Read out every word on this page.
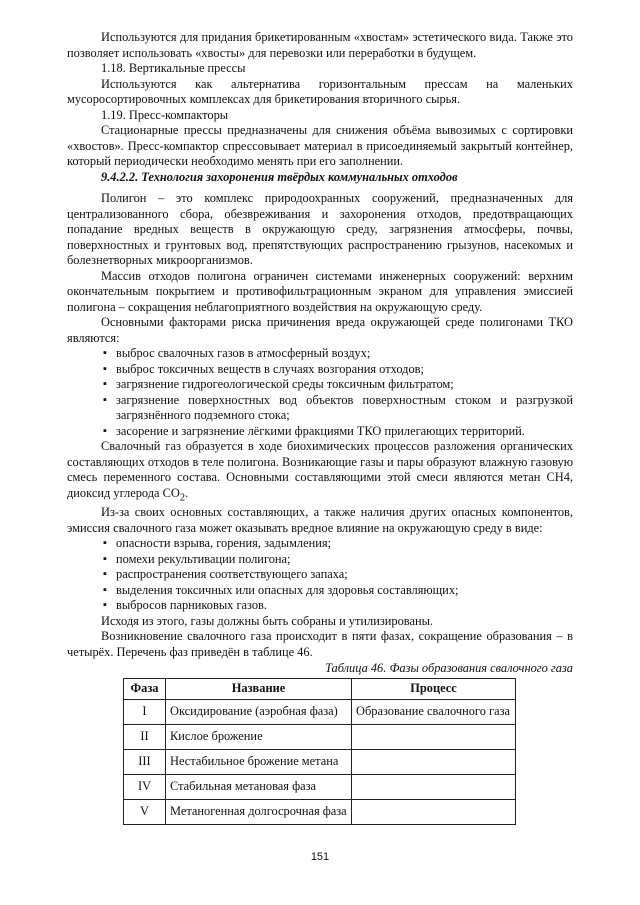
Используются для придания брикетированным «хвостам» эстетического вида. Также это позволяет использовать «хвосты» для перевозки или переработки в будущем.

1.18. Вертикальные прессы

Используются как альтернатива горизонтальным прессам на маленьких мусоросортировочных комплексах для брикетирования вторичного сырья.

1.19. Пресс-компакторы

Стационарные прессы предназначены для снижения объёма вывозимых с сортировки «хвостов». Пресс-компактор спрессовывает материал в присоединяемый закрытый контейнер, который периодически необходимо менять при его заполнении.

9.4.2.2. Технология захоронения твёрдых коммунальных отходов

Полигон – это комплекс природоохранных сооружений, предназначенных для централизованного сбора, обезвреживания и захоронения отходов, предотвращающих попадание вредных веществ в окружающую среду, загрязнения атмосферы, почвы, поверхностных и грунтовых вод, препятствующих распространению грызунов, насекомых и болезнетворных микроорганизмов.

Массив отходов полигона ограничен системами инженерных сооружений: верхним окончательным покрытием и противофильтрационным экраном для управления эмиссией полигона – сокращения неблагоприятного воздействия на окружающую среду.

Основными факторами риска причинения вреда окружающей среде полигонами ТКО являются:

▪ выброс свалочных газов в атмосферный воздух;
▪ выброс токсичных веществ в случаях возгорания отходов;
▪ загрязнение гидрогеологической среды токсичным фильтратом;
▪ загрязнение поверхностных вод объектов поверхностным стоком и разгрузкой загрязнённого подземного стока;
▪ засорение и загрязнение лёгкими фракциями ТКО прилегающих территорий.

Свалочный газ образуется в ходе биохимических процессов разложения органических составляющих отходов в теле полигона. Возникающие газы и пары образуют влажную газовую смесь переменного состава. Основными составляющими этой смеси являются метан CH4, диоксид углерода $CO_2$.

Из-за своих основных составляющих, а также наличия других опасных компонентов, эмиссия свалочного газа может оказывать вредное влияние на окружающую среду в виде:

▪ опасности взрыва, горения, задымления;
▪ помехи рекультивации полигона;
▪ распространения соответствующего запаха;
▪ выделения токсичных или опасных для здоровья составляющих;
▪ выбросов парниковых газов.

Исходя из этого, газы должны быть собраны и утилизированы.

Возникновение свалочного газа происходит в пяти фазах, сокращение образования – в четырёх. Перечень фаз приведён в таблице 46.

Таблица 46. Фазы образования свалочного газа

Фаза	Название	Процесс
I	Оксидирование (аэробная фаза)	Образование свалочного газа
II	Кислое брожение	
III	Нестабильное брожение метана	
IV	Стабильная метановая фаза	
V	Метаногенная долгосрочная фаза	
151
